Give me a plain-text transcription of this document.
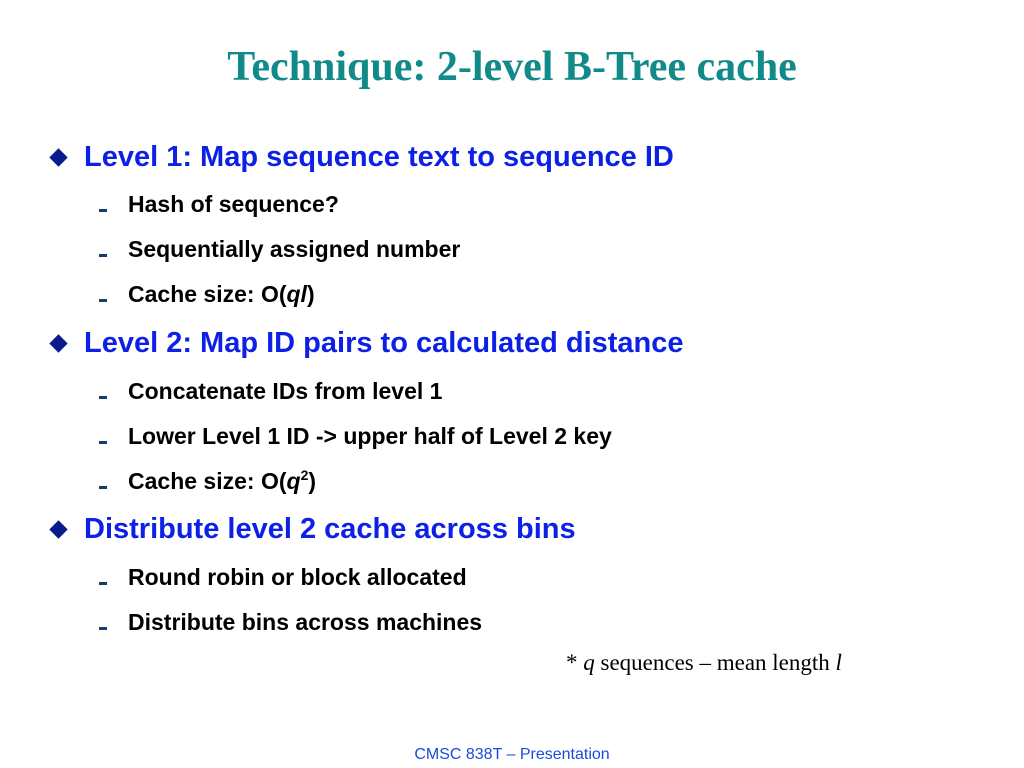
Technique: 2-level B-Tree cache
Level 1: Map sequence text to sequence ID
Hash of sequence?
Sequentially assigned number
Cache size: O(ql)
Level 2: Map ID pairs to calculated distance
Concatenate IDs from level 1
Lower Level 1 ID -> upper half of Level 2 key
Cache size: $O(q^2)$
Distribute level 2 cache across bins
Round robin or block allocated
Distribute bins across machines
* q sequences – mean length l
CMSC 838T – Presentation
